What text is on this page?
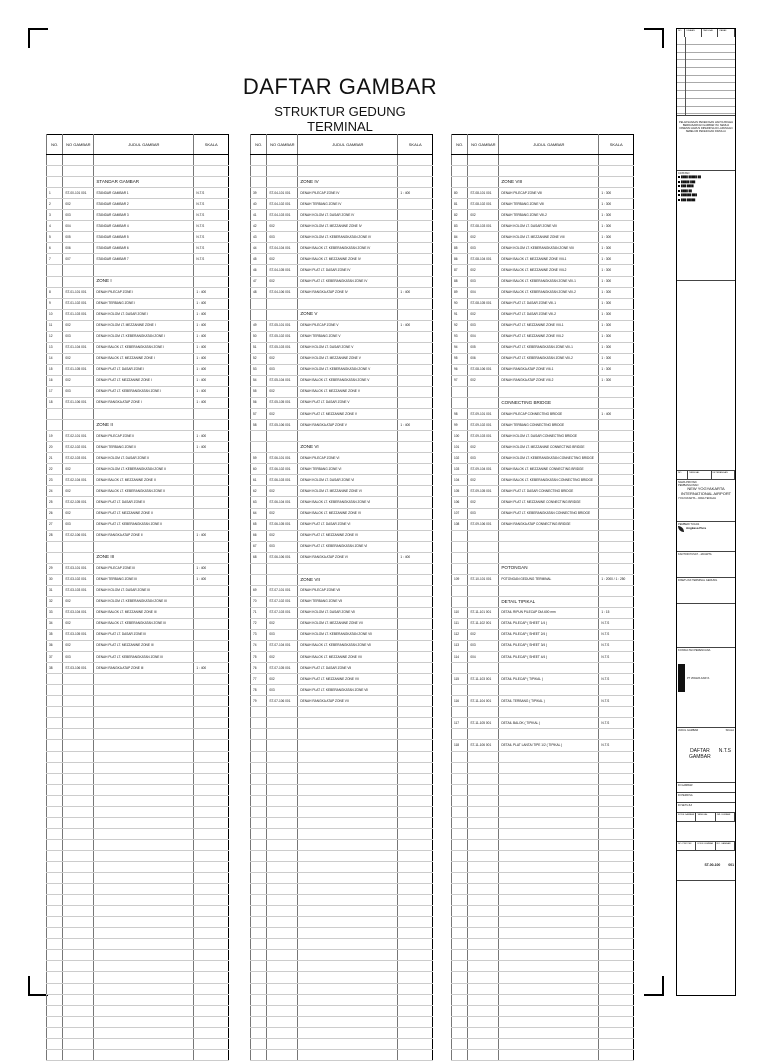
DAFTAR GAMBAR
STRUKTUR GEDUNG TERMINAL
NO.	NO GAMBAR	JUDUL GAMBAR	SKALA

		STANDAR GAMBAR	
1	ST-00-101 001	STANDAR GAMBAR 1	N.T.S
2	002	STANDAR GAMBAR 2	N.T.S
3	003	STANDAR GAMBAR 3	N.T.S
4	004	STANDAR GAMBAR 4	N.T.S
5	005	STANDAR GAMBAR 5	N.T.S
6	006	STANDAR GAMBAR 6	N.T.S
7	007	STANDAR GAMBAR 7	N.T.S

		ZONE I	
8	ST-01-101 001	DENAH PILECAP ZONE I	1 : 400
9	ST-01-102 001	DENAH TERBANG ZONE I	1 : 400
10	ST-01-103 001	DENAH KOLOM LT. DASAR ZONE I	1 : 400
11	002	DENAH KOLOM LT. MEZZANINE ZONE I	1 : 400
12	003	DENAH KOLOM LT. KEBERANGKATAN ZONE I	1 : 400
13	ST-01-104 001	DENAH BALOK LT. KEBERANGKATAN ZONE I	1 : 400
14	002	DENAH BALOK LT. MEZZANINE ZONE I	1 : 400
15	ST-01-105 001	DENAH PLAT LT. DASAR ZONE I	1 : 400
16	002	DENAH PLAT LT. MEZZANINE ZONE I	1 : 400
17	003	DENAH PLAT LT. KEBERANGKATAN ZONE I	1 : 400
18	ST-01-106 001	DENAH RANGKA ATAP ZONE I	1 : 400

		ZONE II	
19	ST-02-101 001	DENAH PILECAP ZONE II	1 : 400
20	ST-02-102 001	DENAH TERBANG ZONE II	1 : 400
21	ST-02-103 001	DENAH KOLOM LT. DASAR ZONE II	
22	002	DENAH KOLOM LT. KEBERANGKATAN ZONE II	
23	ST-02-104 001	DENAH BALOK LT. MEZZANINE ZONE II	
24	002	DENAH BALOK LT. KEBERANGKATAN ZONE II	
25	ST-02-105 001	DENAH PLAT LT. DASAR ZONE II	
26	002	DENAH PLAT LT. MEZZANINE ZONE II	
27	003	DENAH PLAT LT. KEBERANGKATAN ZONE II	
28	ST-02-106 001	DENAH RANGKA ATAP ZONE II	1 : 400

		ZONE III	
29	ST-03-101 001	DENAH PILECAP ZONE III	1 : 400
30	ST-03-102 001	DENAH TERBANG ZONE III	1 : 400
31	ST-03-103 001	DENAH KOLOM LT. DASAR ZONE III	
32	002	DENAH KOLOM LT. KEBERANGKATAN ZONE III	
33	ST-03-104 001	DENAH BALOK LT. MEZZANINE ZONE III	
34	002	DENAH BALOK LT. KEBERANGKATAN ZONE III	
35	ST-03-105 001	DENAH PLAT LT. DASAR ZONE III	
36	002	DENAH PLAT LT. MEZZANINE ZONE III	
37	003	DENAH PLAT LT. KEBERANGKATAN ZONE III	
38	ST-03-106 001	DENAH RANGKA ATAP ZONE III	1 : 400

NO.	NO GAMBAR	JUDUL GAMBAR	SKALA

		ZONE IV	
39	ST-04-101 001	DENAH PILECAP ZONE IV	1 : 400
40	ST-04-102 001	DENAH TERBANG ZONE IV	
41	ST-04-103 001	DENAH KOLOM LT. DASAR ZONE IV	
42	002	DENAH KOLOM LT. MEZZANINE ZONE IV	
43	003	DENAH KOLOM LT. KEBERANGKATAN ZONE IV	
44	ST-04-104 001	DENAH BALOK LT. KEBERANGKATAN ZONE IV	
45	002	DENAH BALOK LT. MEZZANINE ZONE IV	
46	ST-04-105 001	DENAH PLAT LT. DASAR ZONE IV	
47	002	DENAH PLAT LT. KEBERANGKATAN ZONE IV	
48	ST-04-106 001	DENAH RANGKA ATAP ZONE IV	1 : 400

		ZONE V	
49	ST-05-101 001	DENAH PILECAP ZONE V	1 : 400
50	ST-05-102 001	DENAH TERBANG ZONE V	
51	ST-05-103 001	DENAH KOLOM LT. DASAR ZONE V	
52	002	DENAH KOLOM LT. MEZZANINE ZONE V	
53	003	DENAH KOLOM LT. KEBERANGKATAN ZONE V	
54	ST-05-104 001	DENAH BALOK LT. KEBERANGKATAN ZONE V	
55	002	DENAH BALOK LT. MEZZANINE ZONE V	
56	ST-05-105 001	DENAH PLAT LT. DASAR ZONE V	
57	002	DENAH PLAT LT. MEZZANINE ZONE V	
58	ST-05-106 001	DENAH RANGKA ATAP ZONE V	1 : 400

		ZONE VI	
59	ST-06-101 001	DENAH PILECAP ZONE VI	
60	ST-06-102 001	DENAH TERBANG ZONE VI	
61	ST-06-103 001	DENAH KOLOM LT. DASAR ZONE VI	
62	002	DENAH KOLOM LT. MEZZANINE ZONE VI	
63	ST-06-104 001	DENAH BALOK LT. KEBERANGKATAN ZONE VI	
64	002	DENAH BALOK LT. MEZZANINE ZONE VI	
65	ST-06-105 001	DENAH PLAT LT. DASAR ZONE VI	
66	002	DENAH PLAT LT. MEZZANINE ZONE VI	
67	003	DENAH PLAT LT. KEBERANGKATAN ZONE VI	
68	ST-06-106 001	DENAH RANGKA ATAP ZONE VI	1 : 400

		ZONE VII	
69	ST-07-101 001	DENAH PILECAP ZONE VII	
70	ST-07-102 001	DENAH TERBANG ZONE VII	
71	ST-07-103 001	DENAH KOLOM LT. DASAR ZONE VII	
72	002	DENAH KOLOM LT. MEZZANINE ZONE VII	
73	003	DENAH KOLOM LT. KEBERANGKATAN ZONE VII	
74	ST-07-104 001	DENAH BALOK LT. KEBERANGKATAN ZONE VII	
75	002	DENAH BALOK LT. MEZZANINE ZONE VII	
76	ST-07-105 001	DENAH PLAT LT. DASAR ZONE VII	
77	002	DENAH PLAT LT. MEZZANINE ZONE VII	
78	003	DENAH PLAT LT. KEBERANGKATAN ZONE VII	
79	ST-07-106 001	DENAH RANGKA ATAP ZONE VII	

NO.	NO GAMBAR	JUDUL GAMBAR	SKALA

		ZONE VIII	
80	ST-08-101 001	DENAH PILECAP ZONE VIII	1 : 300
81	ST-08-102 001	DENAH TERBANG ZONE VIII	1 : 300
82	002	DENAH TERBANG ZONE VIII-2	1 : 300
83	ST-08-103 001	DENAH KOLOM LT. DASAR ZONE VIII	1 : 300
84	002	DENAH KOLOM LT. MEZZANINE ZONE VIII	1 : 300
85	003	DENAH KOLOM LT. KEBERANGKATAN ZONE VIII	1 : 300
86	ST-08-104 001	DENAH BALOK LT. MEZZANINE ZONE VIII-1	1 : 300
87	002	DENAH BALOK LT. MEZZANINE ZONE VIII-2	1 : 300
88	003	DENAH BALOK LT. KEBERANGKATAN ZONE VIII-1	1 : 300
89	004	DENAH BALOK LT. KEBERANGKATAN ZONE VIII-2	1 : 300
90	ST-08-105 001	DENAH PLAT LT. DASAR ZONE VIII-1	1 : 300
91	002	DENAH PLAT LT. DASAR ZONE VIII-2	1 : 300
92	003	DENAH PLAT LT. MEZZANINE ZONE VIII-1	1 : 300
93	004	DENAH PLAT LT. MEZZANINE ZONE VIII-2	1 : 300
94	005	DENAH PLAT LT. KEBERANGKATAN ZONE VIII-1	1 : 300
95	006	DENAH PLAT LT. KEBERANGKATAN ZONE VIII-2	1 : 300
96	ST-08-106 001	DENAH RANGKA ATAP ZONE VIII-1	1 : 300
97	002	DENAH RANGKA ATAP ZONE VIII-2	1 : 300

		CONNECTING BRIDGE	
98	ST-09-101 001	DENAH PILECAP CONNECTING BRIDGE	1 : 400
99	ST-09-102 001	DENAH TERBANG CONNECTING BRIDGE	
100	ST-09-103 001	DENAH KOLOM LT. DASAR CONNECTING BRIDGE	
101	002	DENAH KOLOM LT. MEZZANINE CONNECTING BRIDGE	
102	003	DENAH KOLOM LT. KEBERANGKATAN CONNECTING BRIDGE	
103	ST-09-104 001	DENAH BALOK LT. MEZZANINE CONNECTING BRIDGE	
104	002	DENAH BALOK LT. KEBERANGKATAN CONNECTING BRIDGE	
105	ST-09-105 001	DENAH PLAT LT. DASAR CONNECTING BRIDGE	
106	002	DENAH PLAT LT. MEZZANINE CONNECTING BRIDGE	
107	003	DENAH PLAT LT. KEBERANGKATAN CONNECTING BRIDGE	
108	ST-09-106 001	DENAH RANGKA ATAP CONNECTING BRIDGE	

		POTONGAN	
109	ST-10-101 001	POTONGAN GEDUNG TERMINAL	1 : 2000 / 1 : 250

		DETAIL TIPIKAL	
110	ST-11-101 001	DETAIL RIPUN PILECAP DIA 600 mm	1 : 15
111	ST-11-102 001	DETAIL PILECAP ( SHEET 1/4 )	N.T.S
112	002	DETAIL PILECAP ( SHEET 2/4 )	N.T.S
113	003	DETAIL PILECAP ( SHEET 3/4 )	N.T.S
114	004	DETAIL PILECAP ( SHEET 4/4 )	N.T.S

115	ST-11-103 001	DETAIL PILECAP ( TIPIKAL )	N.T.S

116	ST-11-104 001	DETAIL TERBANG ( TIPIKAL )	N.T.S

117	ST-11-105 001	DETAIL BALOK ( TIPIKAL )	N.T.S

118	ST-11-106 001	DETAIL PLAT LANTAI TIPE 1/2 ( TIPIKAL )	N.T.S

NO	URAIAN	TANGGAL	PARAF
PELAKSANAAN PEKERJAAN HANYA BOLEH BERDASARKAN GAMBAR INI. SEMUA DIMENSI HARUS DIPERIKSA DI LAPANGAN SEBELUM PEKERJAAN DIMULAI.
CATATAN
████ █████ ██
█████ ███
███ ████
████ ██
██████ ███
███ █████
NO	TANGGAL	KETERANGAN
NAMA PROYEK
PEMBANGUNAN
NEW YOGYAKARTA INTERNATIONAL AIRPORT
YOGYAKARTA - JAWA TENGAH
PEMBERI TUGAS
Angkasa Pura
KANTOR PUSAT - JAKARTA
DISETUJUI TERMINAL GEDUNG
KONSULTAN PERENCANA
PT VIRAMA KARYA
JUDUL GAMBAR	SKALA
DAFTAR GAMBAR
N.T.S
DI GAMBAR
DI PERIKSA
DI SETUJUI
KODE GAMBAR	TANGGAL	JML LEMBAR
NO. PROYEK	KODE LEMBAR	NO. GAMBAR
ST-00-100 001
